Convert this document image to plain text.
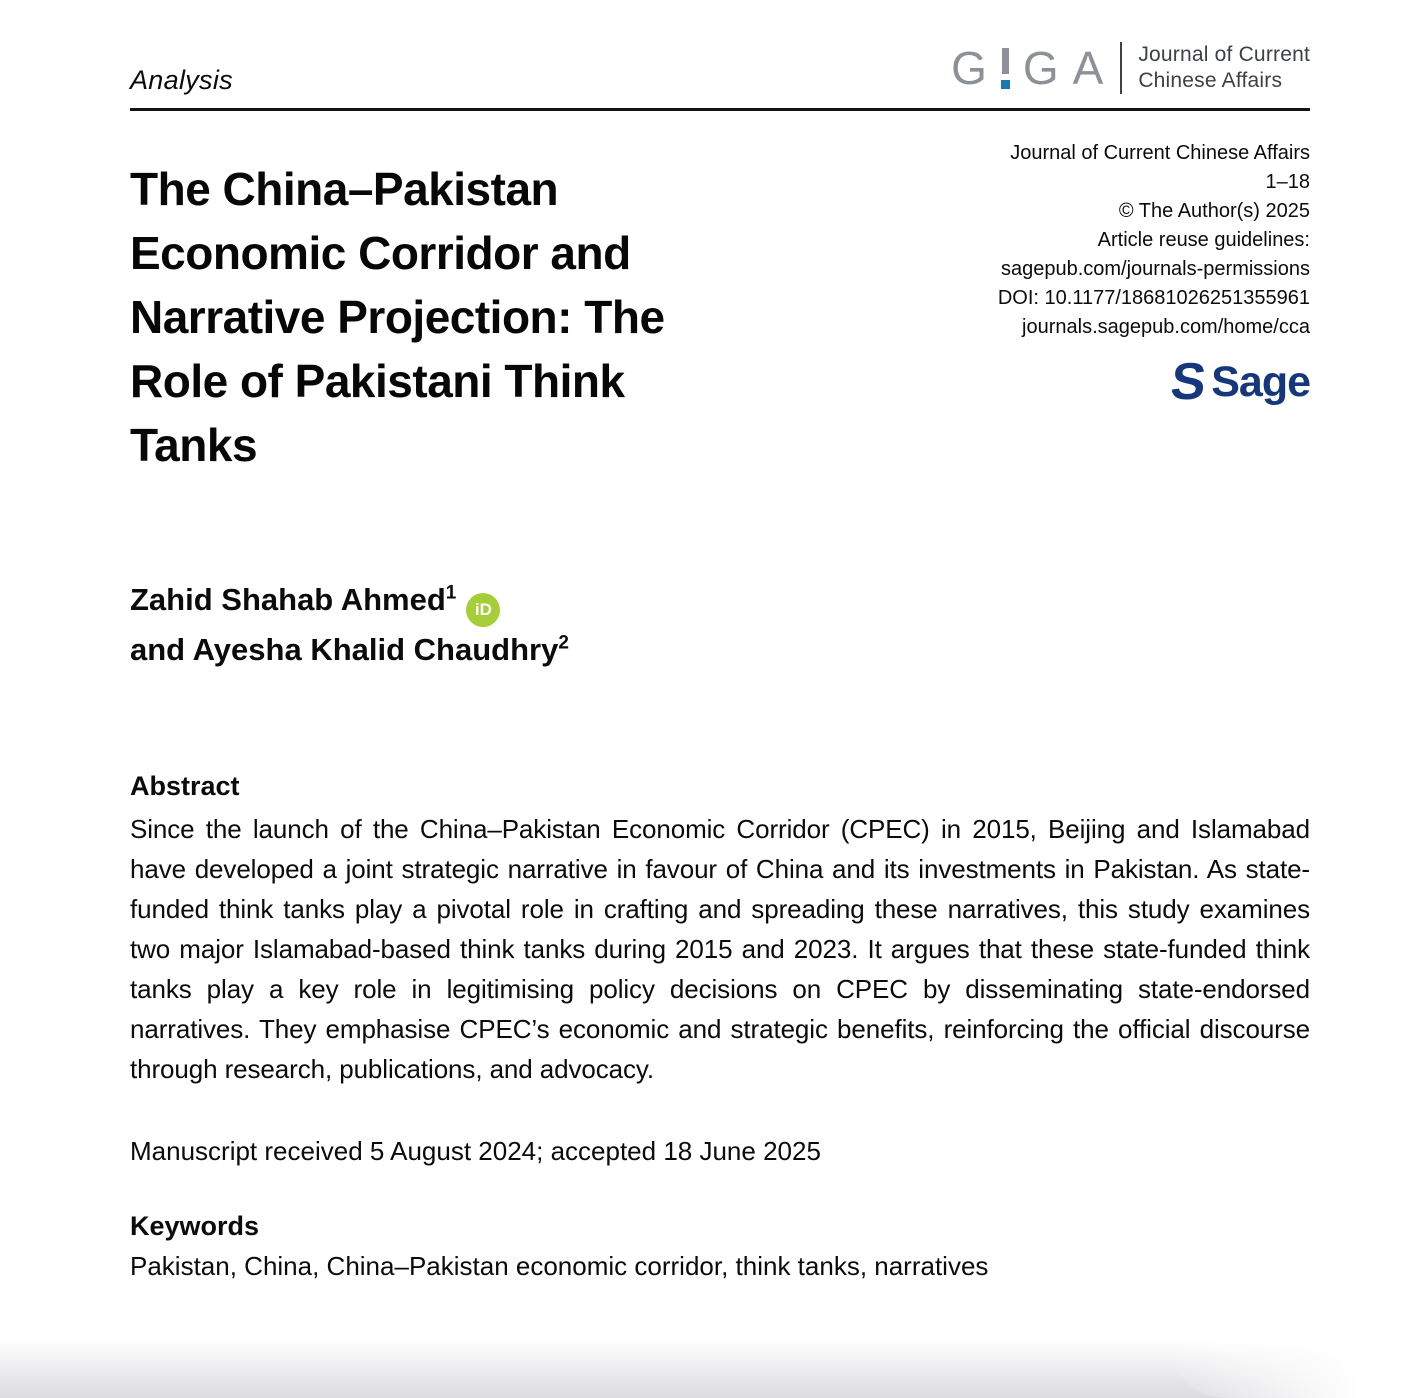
Analysis	G G A Journal of Current
Chinese Affairs
The China–Pakistan
Economic Corridor and
Narrative Projection: The
Role of Pakistani Think
Tanks
Journal of Current Chinese Affairs
1–18
© The Author(s) 2025
Article reuse guidelines:
sagepub.com/journals-permissions
DOI: 10.1177/18681026251355961
journals.sagepub.com/home/cca
S Sage
Zahid Shahab Ahmed$^1$iD
and Ayesha Khalid Chaudhry$^2$
Abstract

Since the launch of the China–Pakistan Economic Corridor (CPEC) in 2015, Beijing and Islamabad have developed a joint strategic narrative in favour of China and its investments in Pakistan. As state-funded think tanks play a pivotal role in crafting and spreading these narratives, this study examines two major Islamabad-based think tanks during 2015 and 2023. It argues that these state-funded think tanks play a key role in legitimising policy decisions on CPEC by disseminating state-endorsed narratives. They emphasise CPEC’s economic and strategic benefits, reinforcing the official discourse through research, publications, and advocacy.

Manuscript received 5 August 2024; accepted 18 June 2025
Keywords
Pakistan, China, China–Pakistan economic corridor, think tanks, narratives
